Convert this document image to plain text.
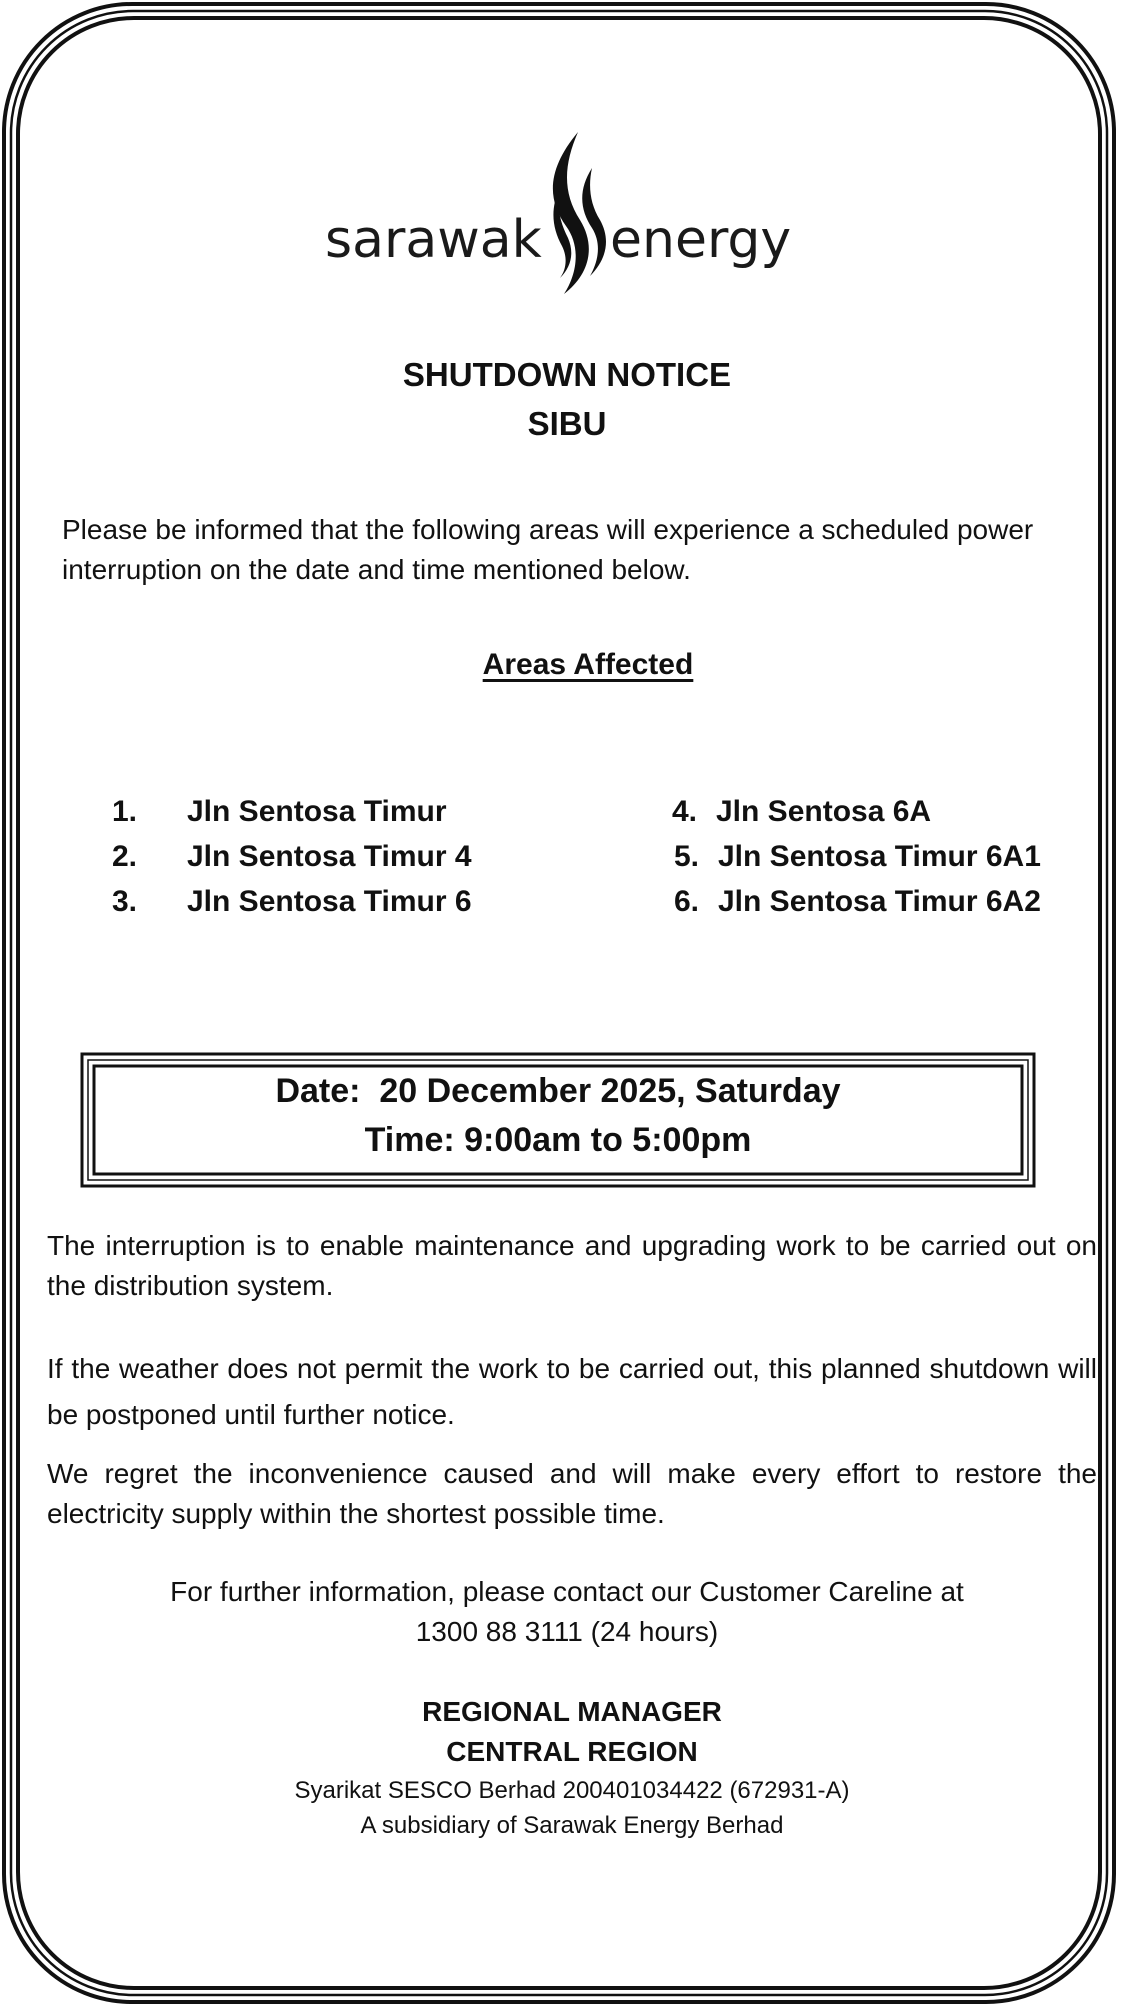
sarawak energy
SHUTDOWN NOTICE
SIBU
Please be informed that the following areas will experience a scheduled power
interruption on the date and time mentioned below.
Areas Affected
1. Jln Sentosa Timur
2. Jln Sentosa Timur 4
3. Jln Sentosa Timur 6
4. Jln Sentosa 6A
5. Jln Sentosa Timur 6A1
6. Jln Sentosa Timur 6A2
Date:  20 December 2025, Saturday
Time: 9:00am to 5:00pm
The interruption is to enable maintenance and upgrading work to be carried out on the distribution system.
If the weather does not permit the work to be carried out, this planned shutdown will be postponed until further notice.
We regret the inconvenience caused and will make every effort to restore the electricity supply within the shortest possible time.
For further information, please contact our Customer Careline at
1300 88 3111 (24 hours)
REGIONAL MANAGER
CENTRAL REGION
Syarikat SESCO Berhad 200401034422 (672931-A)
A subsidiary of Sarawak Energy Berhad
